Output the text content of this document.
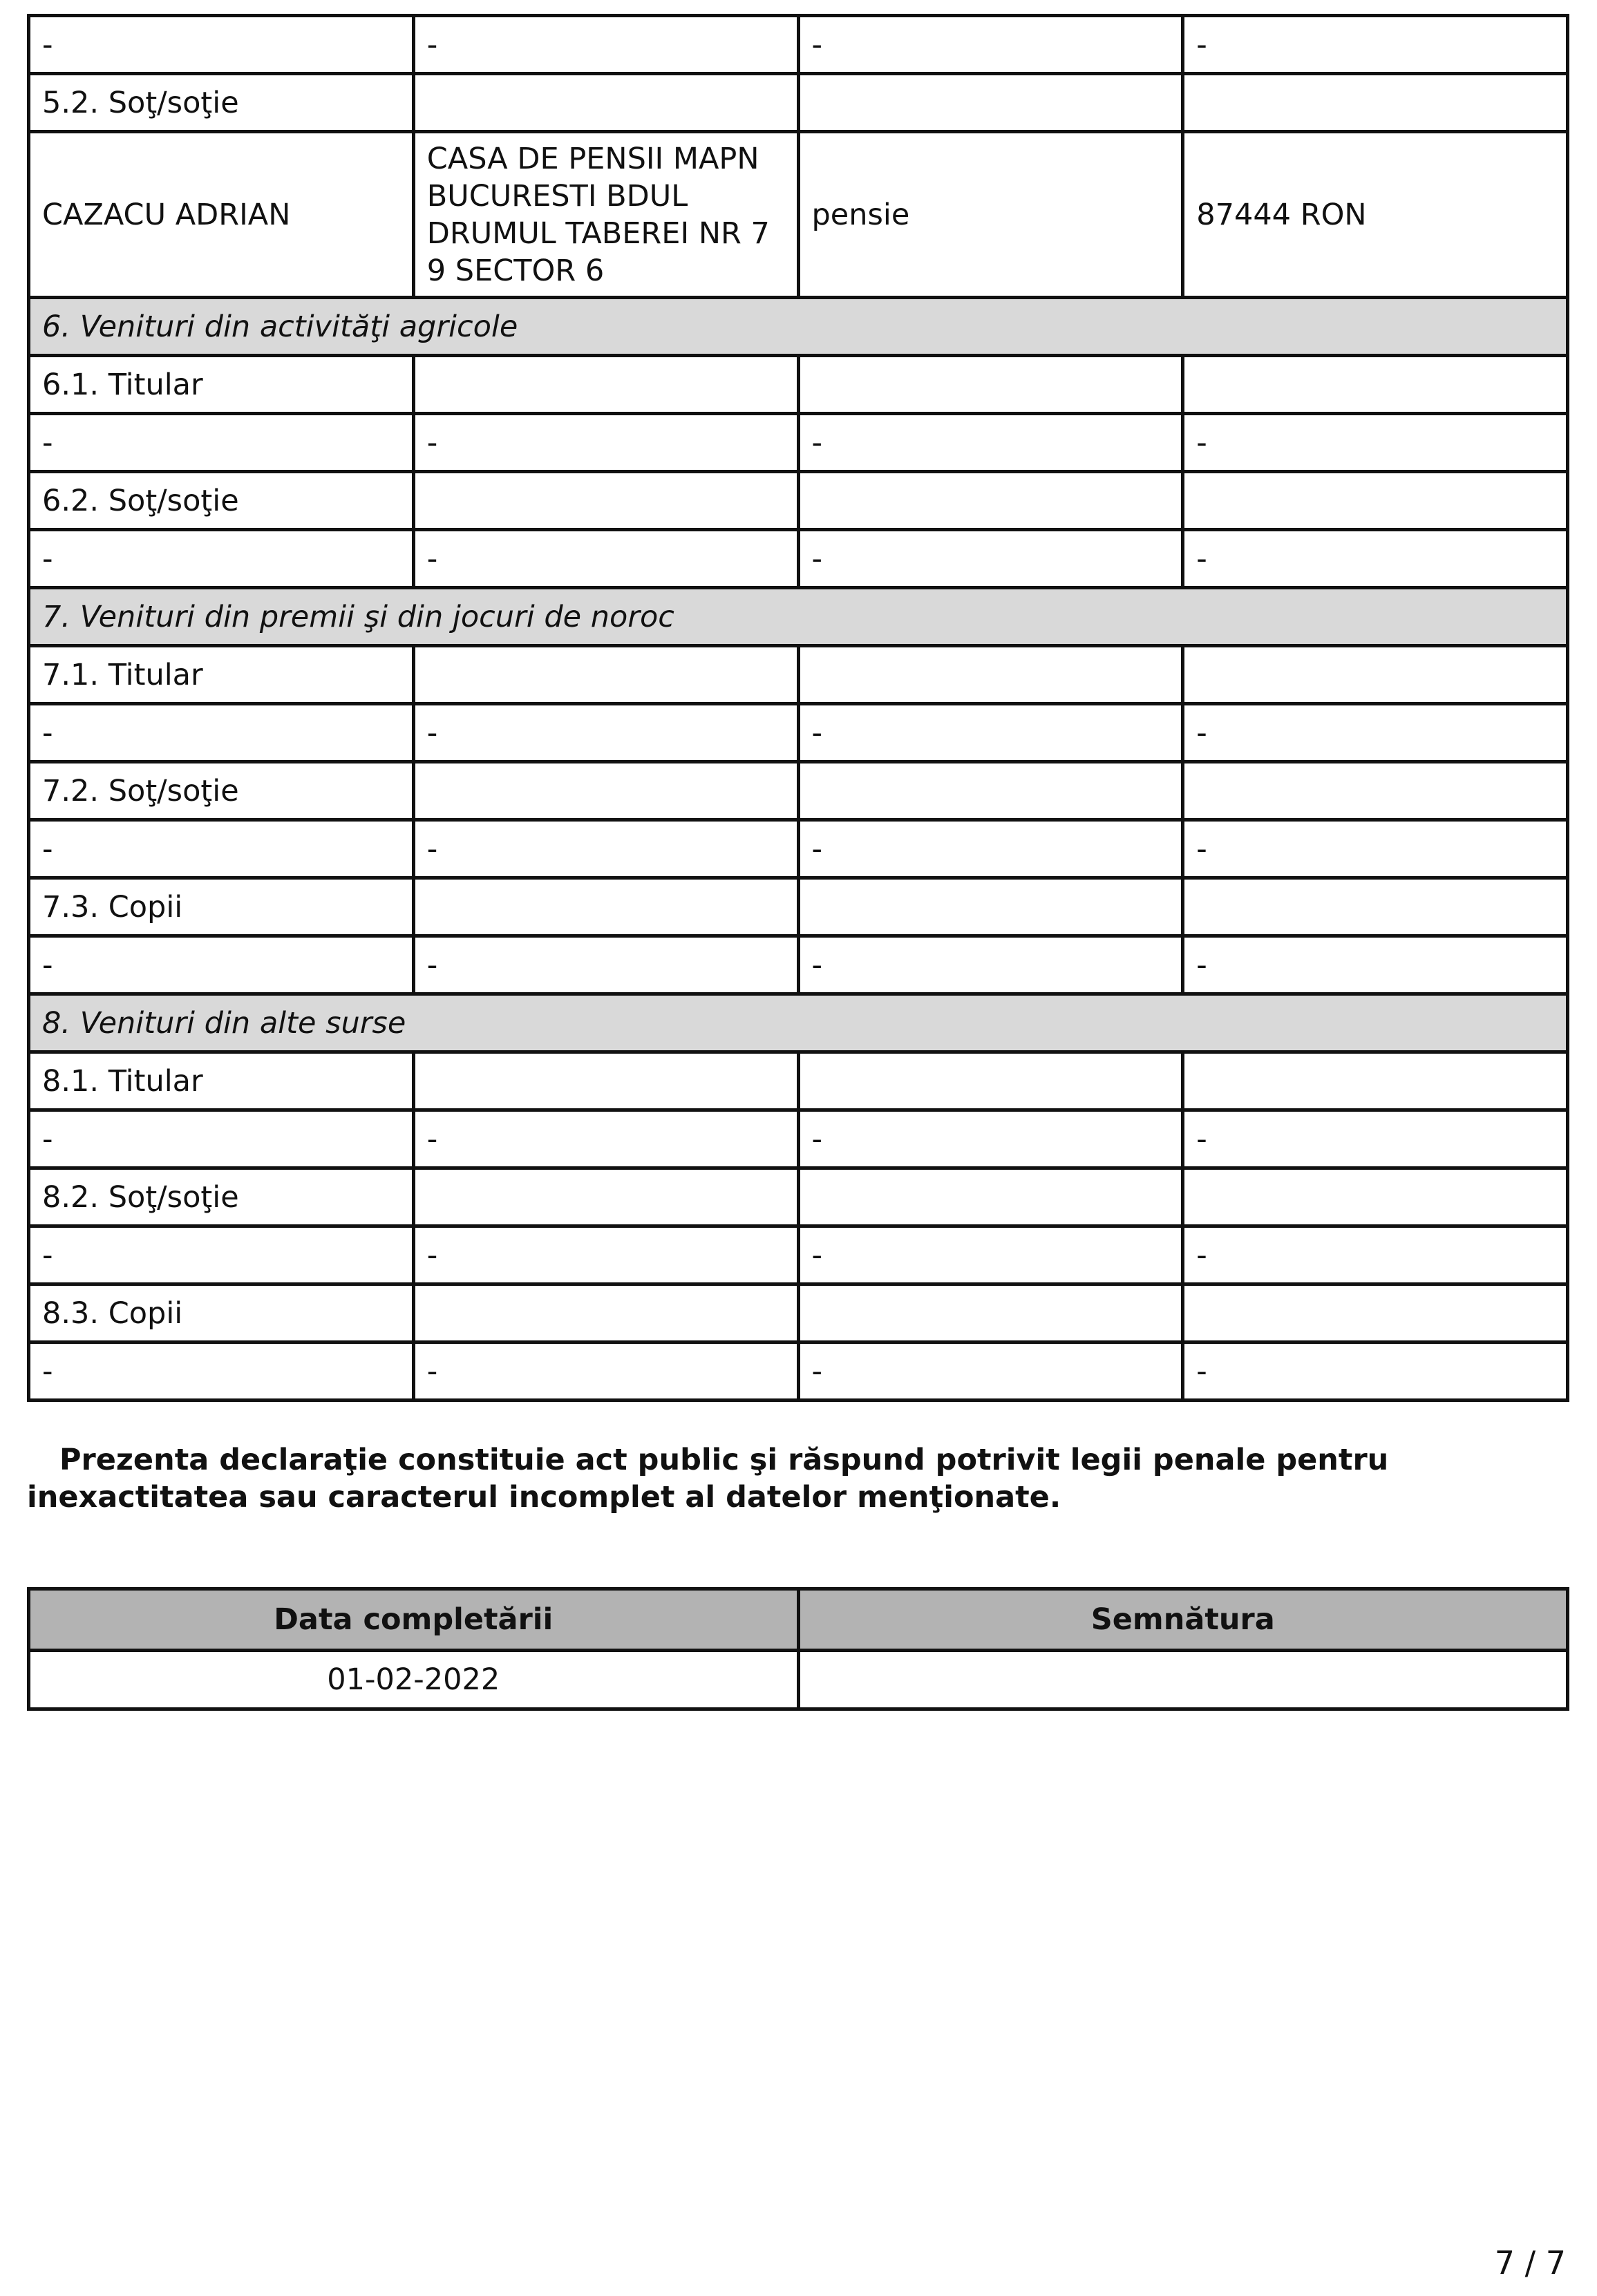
-	-	-	-
5.2. Soţ/soţie			
CAZACU ADRIAN	CASA DE PENSII MAPN BUCURESTI BDUL DRUMUL TABEREI NR 7 9 SECTOR 6	pensie	87444 RON
6. Venituri din activităţi agricole			
6.1. Titular			
-	-	-	-
6.2. Soţ/soţie			
-	-	-	-
7. Venituri din premii şi din jocuri de noroc			
7.1. Titular			
-	-	-	-
7.2. Soţ/soţie			
-	-	-	-
7.3. Copii			
-	-	-	-
8. Venituri din alte surse			
8.1. Titular			
-	-	-	-
8.2. Soţ/soţie			
-	-	-	-
8.3. Copii			
-	-	-	-

Prezenta declaraţie constituie act public şi răspund potrivit legii penale pentru inexactitatea sau caracterul incomplet al datelor menţionate.

Data completării	Semnătura
01-02-2022	
7 / 7
